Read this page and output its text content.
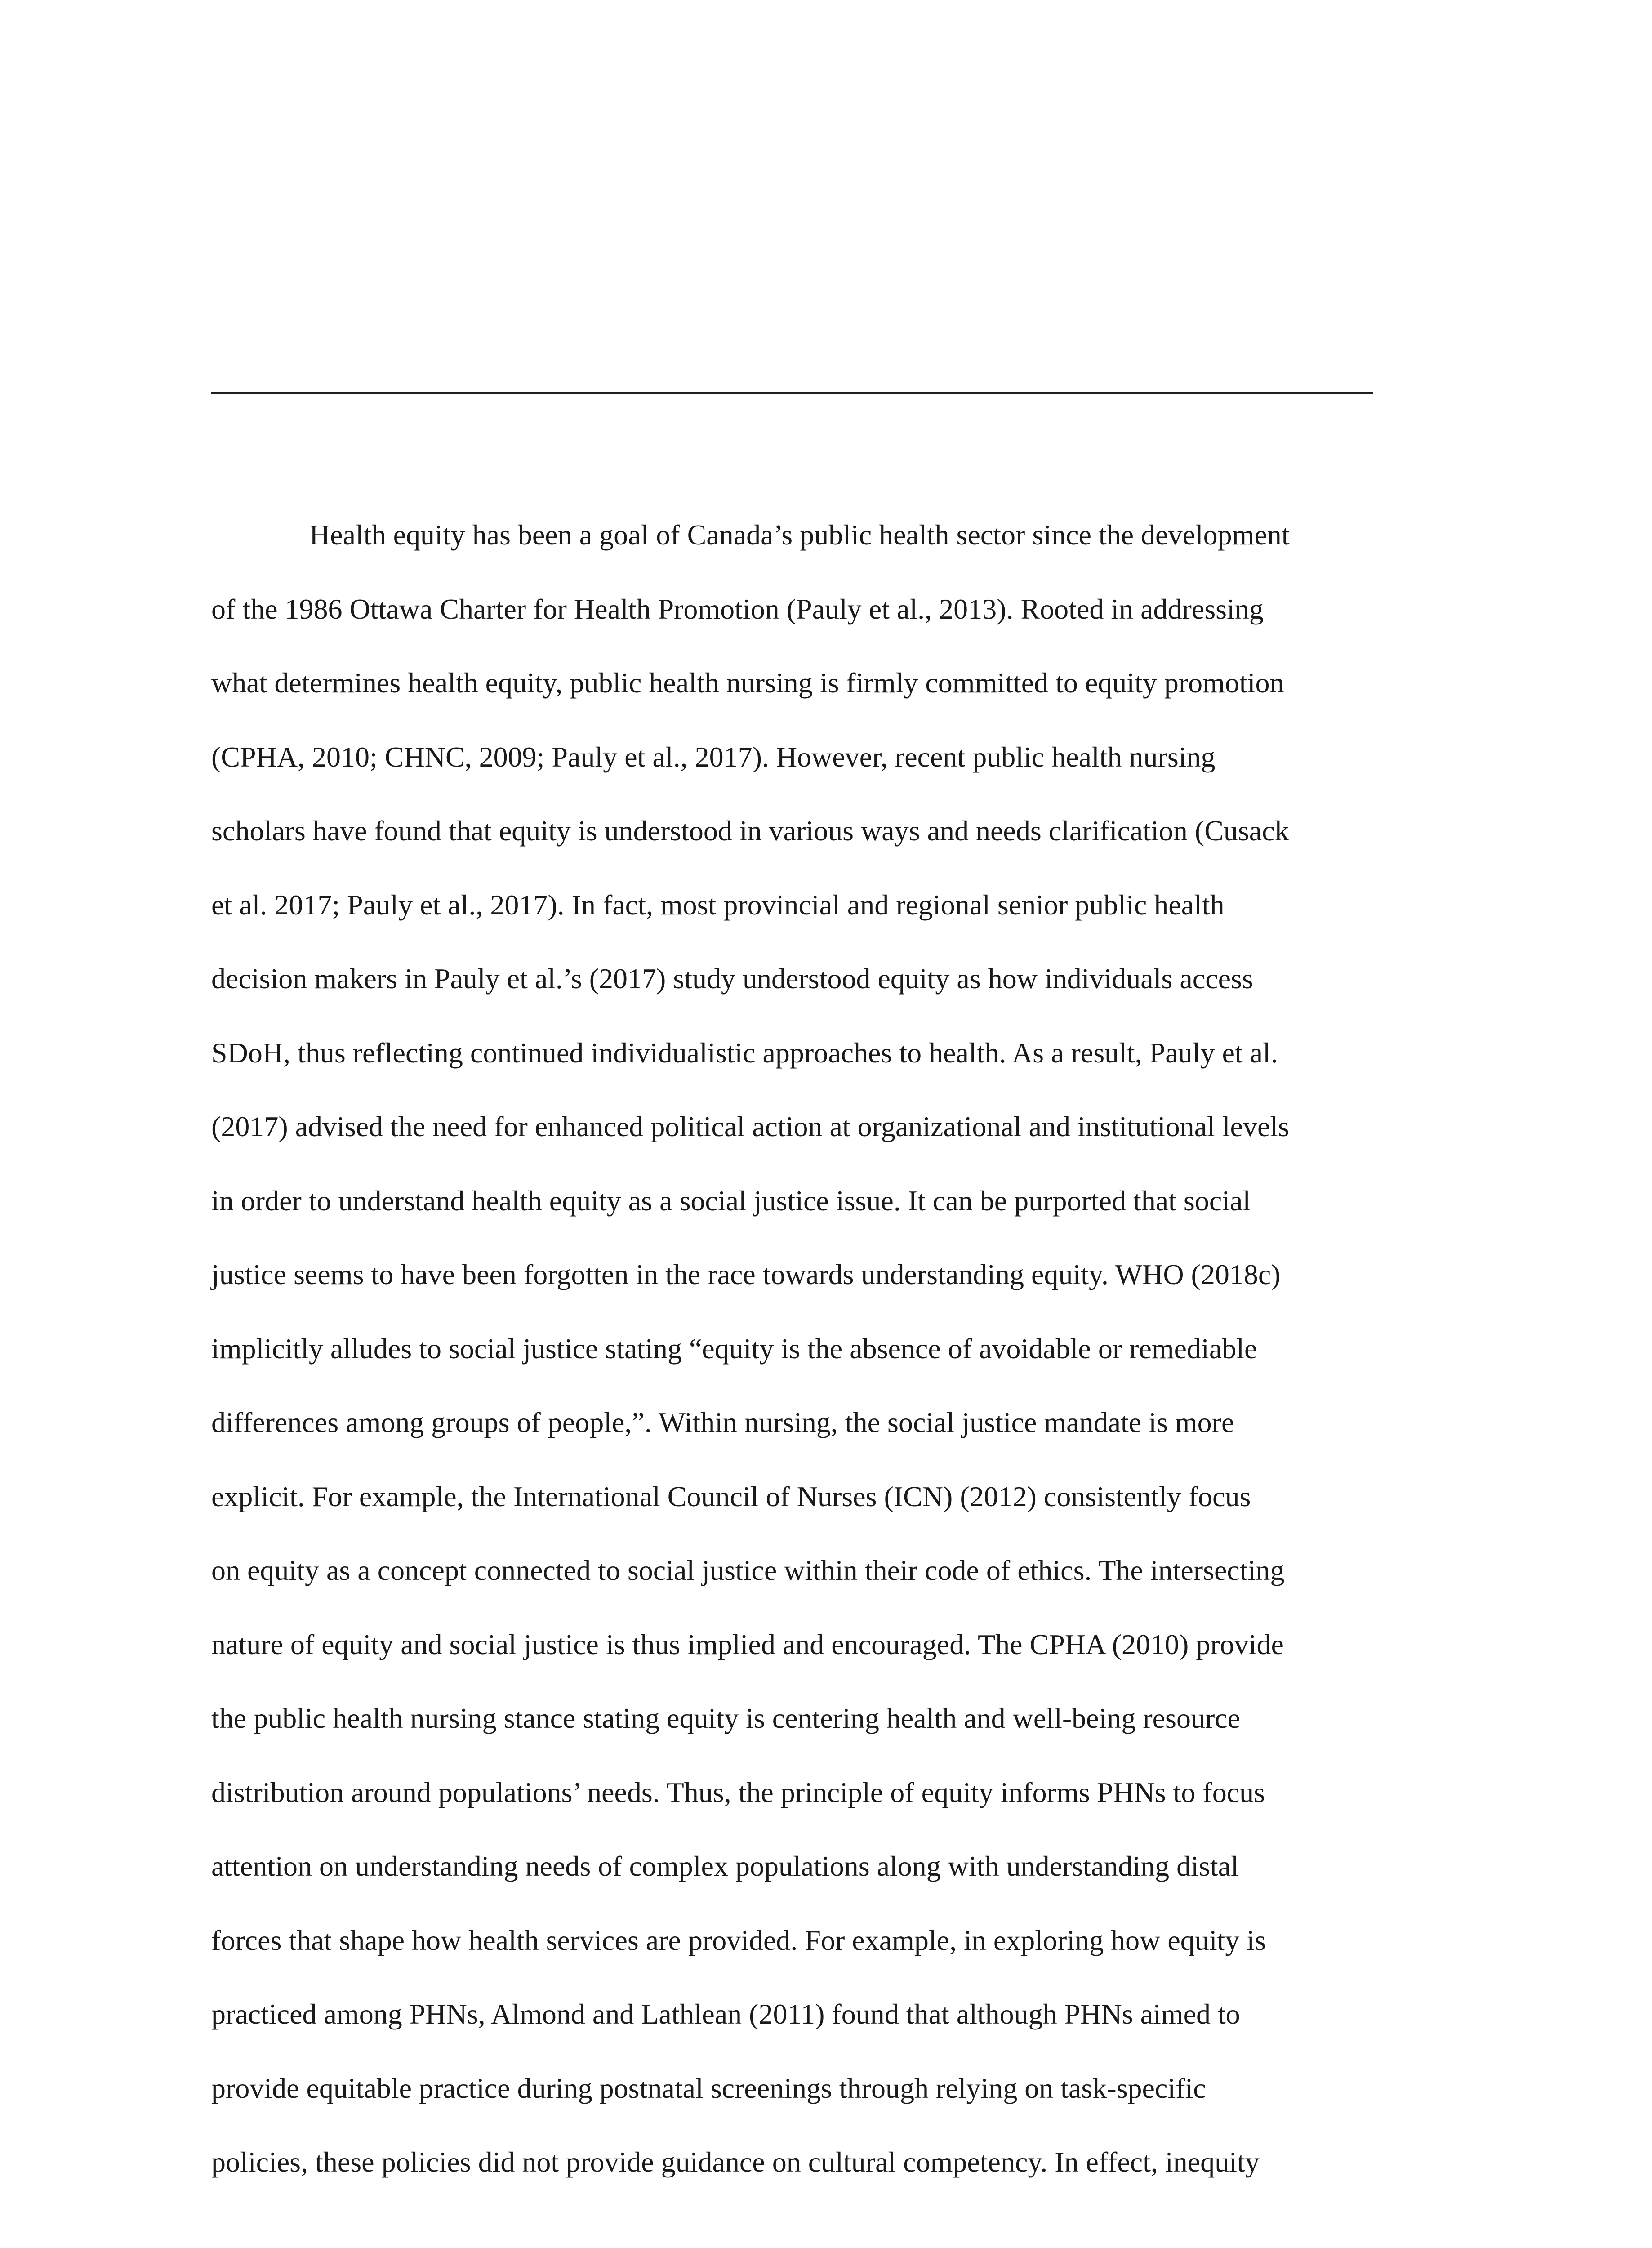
Health equity has been a goal of Canada’s public health sector since the development
of the 1986 Ottawa Charter for Health Promotion (Pauly et al., 2013). Rooted in addressing
what determines health equity, public health nursing is firmly committed to equity promotion
(CPHA, 2010; CHNC, 2009; Pauly et al., 2017). However, recent public health nursing
scholars have found that equity is understood in various ways and needs clarification (Cusack
et al. 2017; Pauly et al., 2017). In fact, most provincial and regional senior public health
decision makers in Pauly et al.’s (2017) study understood equity as how individuals access
SDoH, thus reflecting continued individualistic approaches to health. As a result, Pauly et al.
(2017) advised the need for enhanced political action at organizational and institutional levels
in order to understand health equity as a social justice issue. It can be purported that social
justice seems to have been forgotten in the race towards understanding equity. WHO (2018c)
implicitly alludes to social justice stating “equity is the absence of avoidable or remediable
differences among groups of people,”. Within nursing, the social justice mandate is more
explicit. For example, the International Council of Nurses (ICN) (2012) consistently focus
on equity as a concept connected to social justice within their code of ethics. The intersecting
nature of equity and social justice is thus implied and encouraged. The CPHA (2010) provide
the public health nursing stance stating equity is centering health and well-being resource
distribution around populations’ needs. Thus, the principle of equity informs PHNs to focus
attention on understanding needs of complex populations along with understanding distal
forces that shape how health services are provided. For example, in exploring how equity is
practiced among PHNs, Almond and Lathlean (2011) found that although PHNs aimed to
provide equitable practice during postnatal screenings through relying on task-specific
policies, these policies did not provide guidance on cultural competency. In effect, inequity
